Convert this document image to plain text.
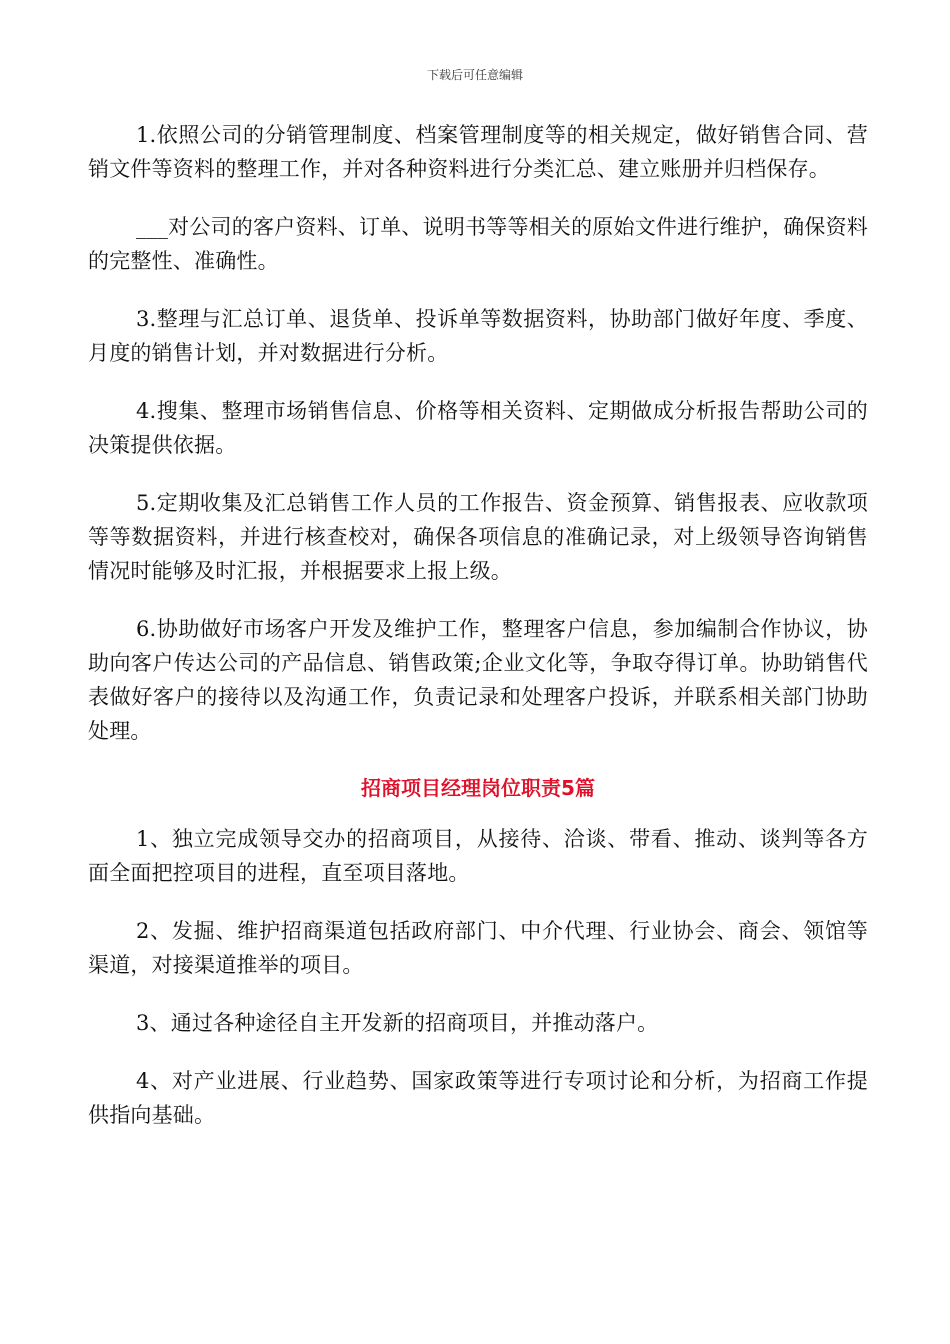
下载后可任意编辑

1.依照公司的分销管理制度、档案管理制度等的相关规定，做好销售合同、营销文件等资料的整理工作，并对各种资料进行分类汇总、建立账册并归档保存。

___对公司的客户资料、订单、说明书等等相关的原始文件进行维护，确保资料的完整性、准确性。

3.整理与汇总订单、退货单、投诉单等数据资料，协助部门做好年度、季度、月度的销售计划，并对数据进行分析。

4.搜集、整理市场销售信息、价格等相关资料、定期做成分析报告帮助公司的决策提供依据。

5.定期收集及汇总销售工作人员的工作报告、资金预算、销售报表、应收款项等等数据资料，并进行核查校对，确保各项信息的准确记录，对上级领导咨询销售情况时能够及时汇报，并根据要求上报上级。

6.协助做好市场客户开发及维护工作，整理客户信息，参加编制合作协议，协助向客户传达公司的产品信息、销售政策;企业文化等，争取夺得订单。协助销售代表做好客户的接待以及沟通工作，负责记录和处理客户投诉，并联系相关部门协助处理。

招商项目经理岗位职责5篇

1、独立完成领导交办的招商项目，从接待、洽谈、带看、推动、谈判等各方面全面把控项目的进程，直至项目落地。

2、发掘、维护招商渠道包括政府部门、中介代理、行业协会、商会、领馆等渠道，对接渠道推举的项目。

3、通过各种途径自主开发新的招商项目，并推动落户。

4、对产业进展、行业趋势、国家政策等进行专项讨论和分析，为招商工作提供指向基础。
